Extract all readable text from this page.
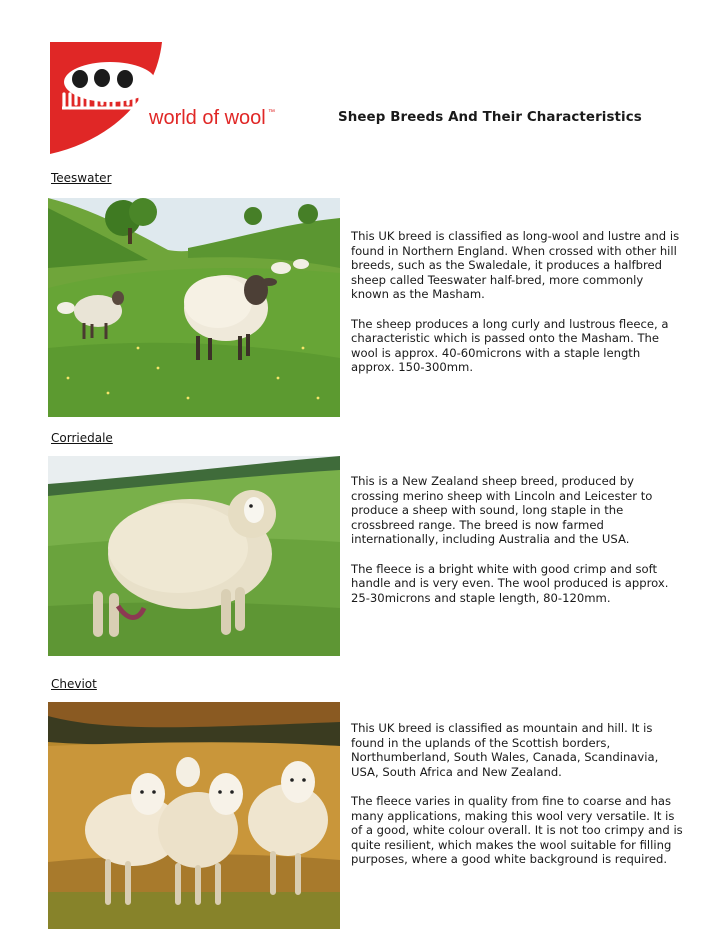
world of wool ™	Sheep Breeds And Their Characteristics
Teeswater

This UK breed is classified as long-wool and lustre and is found in Northern England. When crossed with other hill breeds, such as the Swaledale, it produces a halfbred sheep called Teeswater half-bred, more commonly known as the Masham.

The sheep produces a long curly and lustrous fleece, a characteristic which is passed onto the Masham. The wool is approx. 40-60microns with a staple length approx. 150-300mm.

Corriedale

This is a New Zealand sheep breed, produced by crossing merino sheep with Lincoln and Leicester to produce a sheep with sound, long staple in the crossbreed range. The breed is now farmed internationally, including Australia and the USA.

The fleece is a bright white with good crimp and soft handle and is very even. The wool produced is approx. 25-30microns and staple length, 80-120mm.

Cheviot

This UK breed is classified as mountain and hill. It is found in the uplands of the Scottish borders, Northumberland, South Wales, Canada, Scandinavia, USA, South Africa and New Zealand.

The fleece varies in quality from fine to coarse and has many applications, making this wool very versatile. It is of a good, white colour overall. It is not too crimpy and is quite resilient, which makes the wool suitable for filling purposes, where a good white background is required.
